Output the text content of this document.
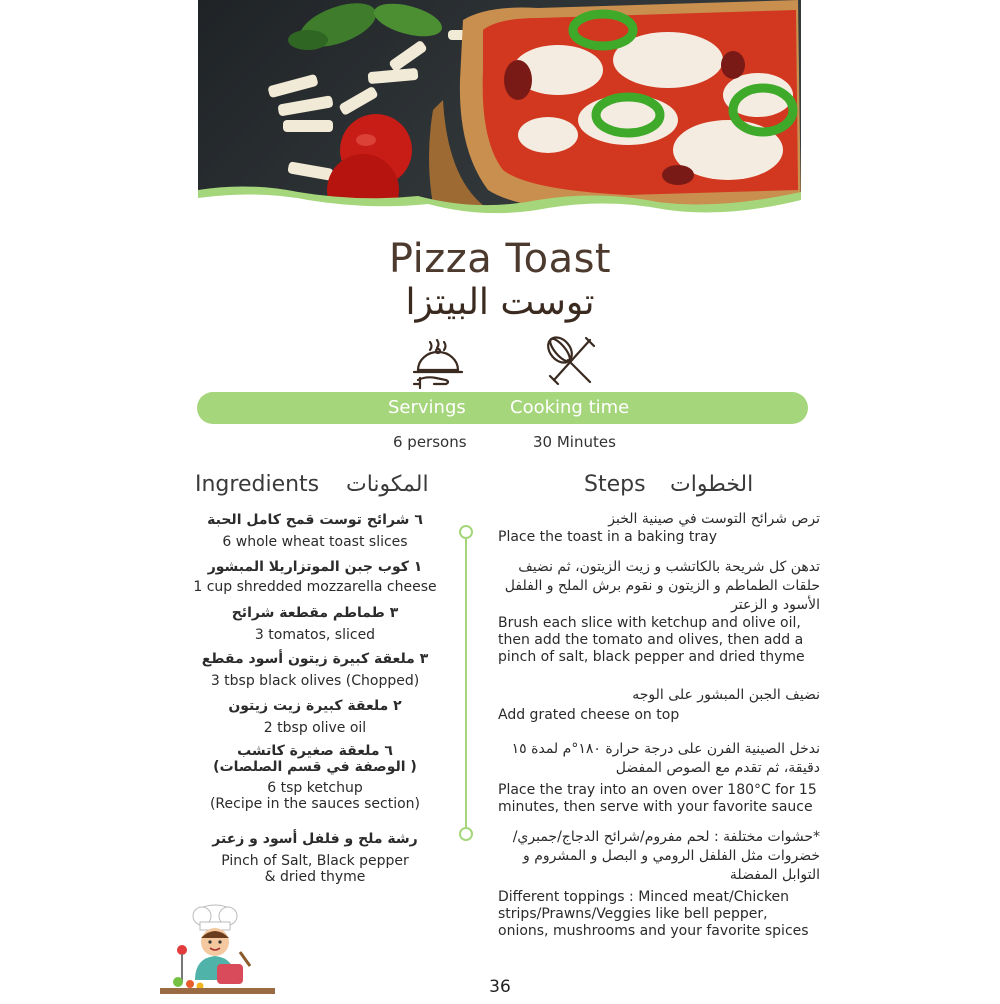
Pizza Toast
توست البيتزا
Servings Cooking time
6 persons	30 Minutes
Ingredients المكونات	Steps الخطوات
٦ شرائح توست قمح كامل الحبة
6 whole wheat toast slices
١ كوب جبن الموتزاريلا المبشور
1 cup shredded mozzarella cheese
٣ طماطم مقطعة شرائح
3 tomatos, sliced
٣ ملعقة كبيرة زيتون أسود مقطع
3 tbsp black olives (Chopped)
٢ ملعقة كبيرة زيت زيتون
2 tbsp olive oil
٦ ملعقة صغيرة كاتشب
( الوصفة في قسم الصلصات)
6 tsp ketchup
(Recipe in the sauces section)
رشة ملح و فلفل أسود و زعتر
Pinch of Salt, Black pepper
& dried thyme
ترص شرائح التوست في صينية الخبز
Place the toast in a baking tray
تدهن كل شريحة بالكاتشب و زيت الزيتون، ثم نضيف حلقات الطماطم و الزيتون و نقوم برش الملح و الفلفل الأسود و الزعتر
Brush each slice with ketchup and olive oil, then add the tomato and olives, then add a pinch of salt, black pepper and dried thyme
نضيف الجبن المبشور على الوجه
Add grated cheese on top
ندخل الصينية الفرن على درجة حرارة ١٨٠°م لمدة ١٥ دقيقة، ثم تقدم مع الصوص المفضل
Place the tray into an oven over 180°C for 15 minutes, then serve with your favorite sauce
*حشوات مختلفة : لحم مفروم/شرائح الدجاج/جمبري/خضروات مثل الفلفل الرومي و البصل و المشروم و التوابل المفضلة
Different toppings : Minced meat/Chicken strips/Prawns/Veggies like bell pepper, onions, mushrooms and your favorite spices
36
